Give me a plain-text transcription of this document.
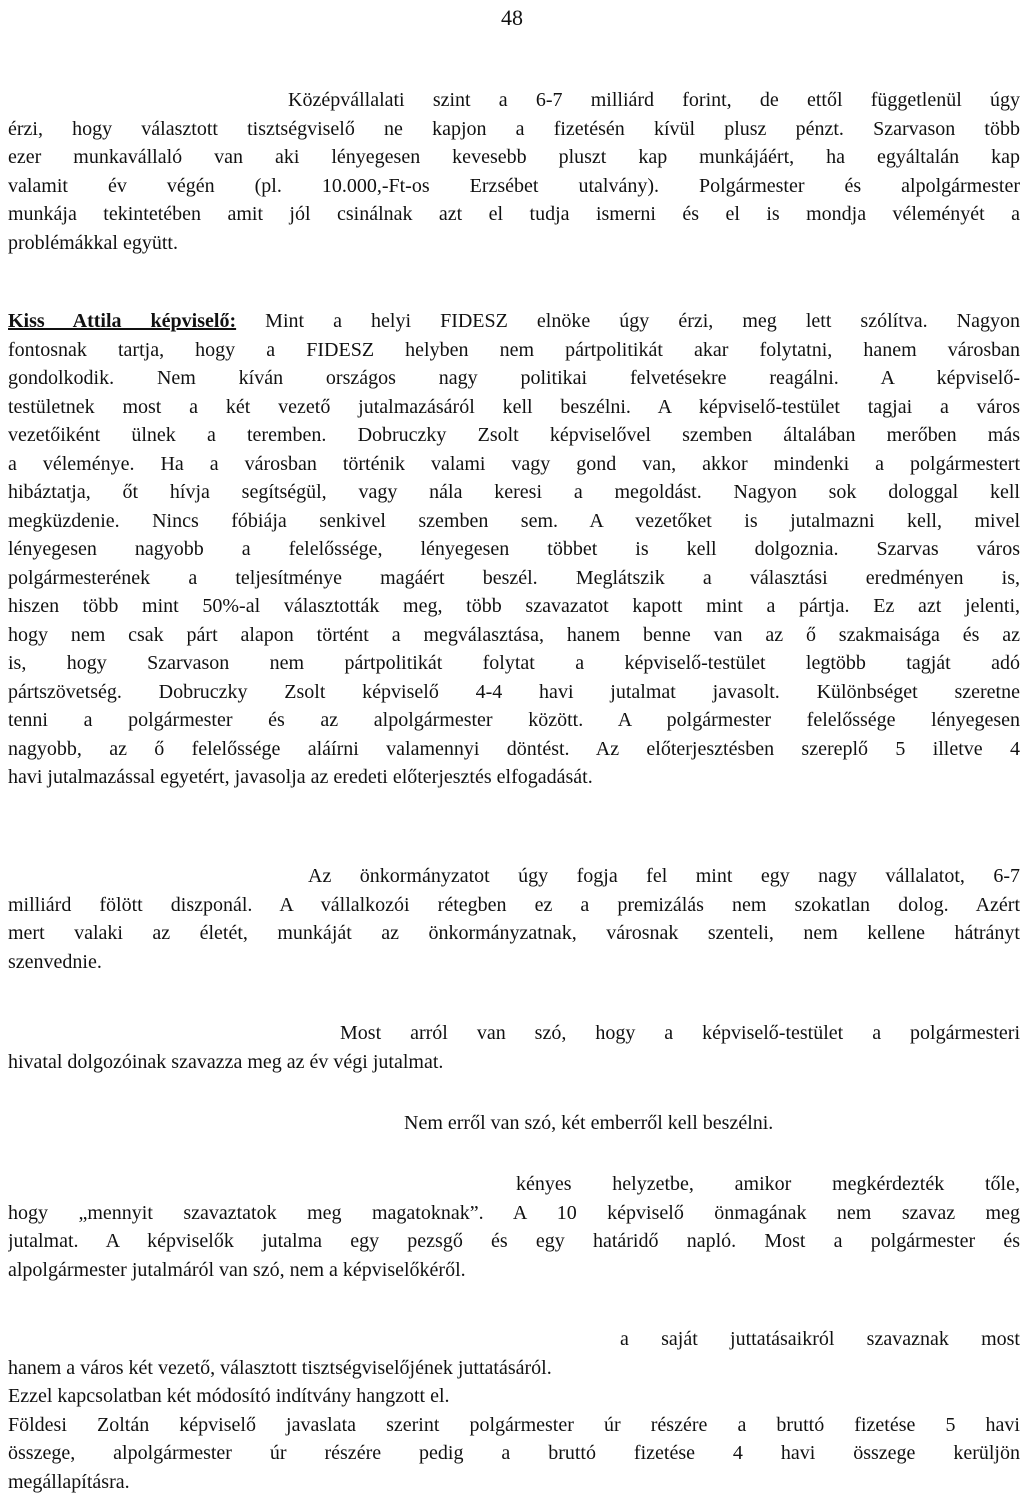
48
Középvállalati szint a 6-7 milliárd forint, de ettől függetlenül úgy
érzi, hogy választott tisztségviselő ne kapjon a fizetésén kívül plusz pénzt. Szarvason több
ezer munkavállaló van aki lényegesen kevesebb pluszt kap munkájáért, ha egyáltalán kap
valamit év végén (pl. 10.000,-Ft-os Erzsébet utalvány). Polgármester és alpolgármester
munkája tekintetében amit jól csinálnak azt el tudja ismerni és el is mondja véleményét a
problémákkal együtt.
Kiss Attila képviselő: Mint a helyi FIDESZ elnöke úgy érzi, meg lett szólítva. Nagyon
fontosnak tartja, hogy a FIDESZ helyben nem pártpolitikát akar folytatni, hanem városban
gondolkodik. Nem kíván országos nagy politikai felvetésekre reagálni. A képviselő-
testületnek most a két vezető jutalmazásáról kell beszélni. A képviselő-testület tagjai a város
vezetőiként ülnek a teremben. Dobruczky Zsolt képviselővel szemben általában merőben más
a véleménye. Ha a városban történik valami vagy gond van, akkor mindenki a polgármestert
hibáztatja, őt hívja segítségül, vagy nála keresi a megoldást. Nagyon sok dologgal kell
megküzdenie. Nincs fóbiája senkivel szemben sem. A vezetőket is jutalmazni kell, mivel
lényegesen nagyobb a felelőssége, lényegesen többet is kell dolgoznia. Szarvas város
polgármesterének a teljesítménye magáért beszél. Meglátszik a választási eredményen is,
hiszen több mint 50%-al választották meg, több szavazatot kapott mint a pártja. Ez azt jelenti,
hogy nem csak párt alapon történt a megválasztása, hanem benne van az ő szakmaisága és az
is, hogy Szarvason nem pártpolitikát folytat a képviselő-testület legtöbb tagját adó
pártszövetség. Dobruczky Zsolt képviselő 4-4 havi jutalmat javasolt. Különbséget szeretne
tenni a polgármester és az alpolgármester között. A polgármester felelőssége lényegesen
nagyobb, az ő felelőssége aláírni valamennyi döntést. Az előterjesztésben szereplő 5 illetve 4
havi jutalmazással egyetért, javasolja az eredeti előterjesztés elfogadását.
Az önkormányzatot úgy fogja fel mint egy nagy vállalatot, 6-7
milliárd fölött diszponál. A vállalkozói rétegben ez a premizálás nem szokatlan dolog. Azért
mert valaki az életét, munkáját az önkormányzatnak, városnak szenteli, nem kellene hátrányt
szenvednie.
Most arról van szó, hogy a képviselő-testület a polgármesteri
hivatal dolgozóinak szavazza meg az év végi jutalmat.
Nem erről van szó, két emberről kell beszélni.
kényes helyzetbe, amikor megkérdezték tőle,
hogy „mennyit szavaztatok meg magatoknak”. A 10 képviselő önmagának nem szavaz meg
jutalmat. A képviselők jutalma egy pezsgő és egy határidő napló. Most a polgármester és
alpolgármester jutalmáról van szó, nem a képviselőkéről.
a saját juttatásaikról szavaznak most
hanem a város két vezető, választott tisztségviselőjének juttatásáról.
Ezzel kapcsolatban két módosító indítvány hangzott el.
Földesi Zoltán képviselő javaslata szerint polgármester úr részére a bruttó fizetése 5 havi
összege, alpolgármester úr részére pedig a bruttó fizetése 4 havi összege kerüljön
megállapításra.
